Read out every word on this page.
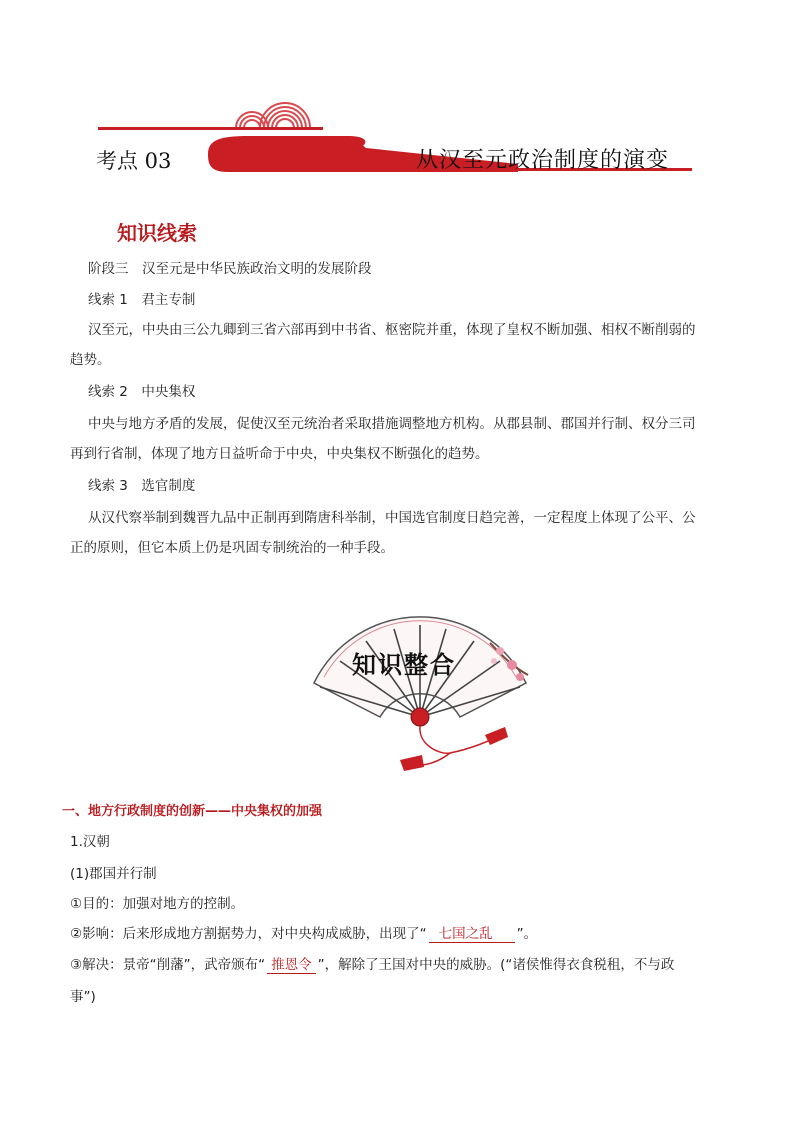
考点 03	从汉至元政治制度的演变
知识线索
阶段三　汉至元是中华民族政治文明的发展阶段
线索 1　君主专制
汉至元，中央由三公九卿到三省六部再到中书省、枢密院并重，体现了皇权不断加强、相权不断削弱的
趋势。
线索 2　中央集权
中央与地方矛盾的发展，促使汉至元统治者采取措施调整地方机构。从郡县制、郡国并行制、权分三司
再到行省制，体现了地方日益听命于中央，中央集权不断强化的趋势。
线索 3　选官制度
从汉代察举制到魏晋九品中正制再到隋唐科举制，中国选官制度日趋完善，一定程度上体现了公平、公
正的原则，但它本质上仍是巩固专制统治的一种手段。
知识整合
一、地方行政制度的创新——中央集权的加强
1.汉朝
(1)郡国并行制
①目的：加强对地方的控制。
②影响：后来形成地方割据势力，对中央构成威胁，出现了“ 七国之乱 ”。
③解决：景帝“削藩”，武帝颁布“ 推恩令 ”，解除了王国对中央的威胁。(“诸侯惟得衣食税租，不与政
事”)
